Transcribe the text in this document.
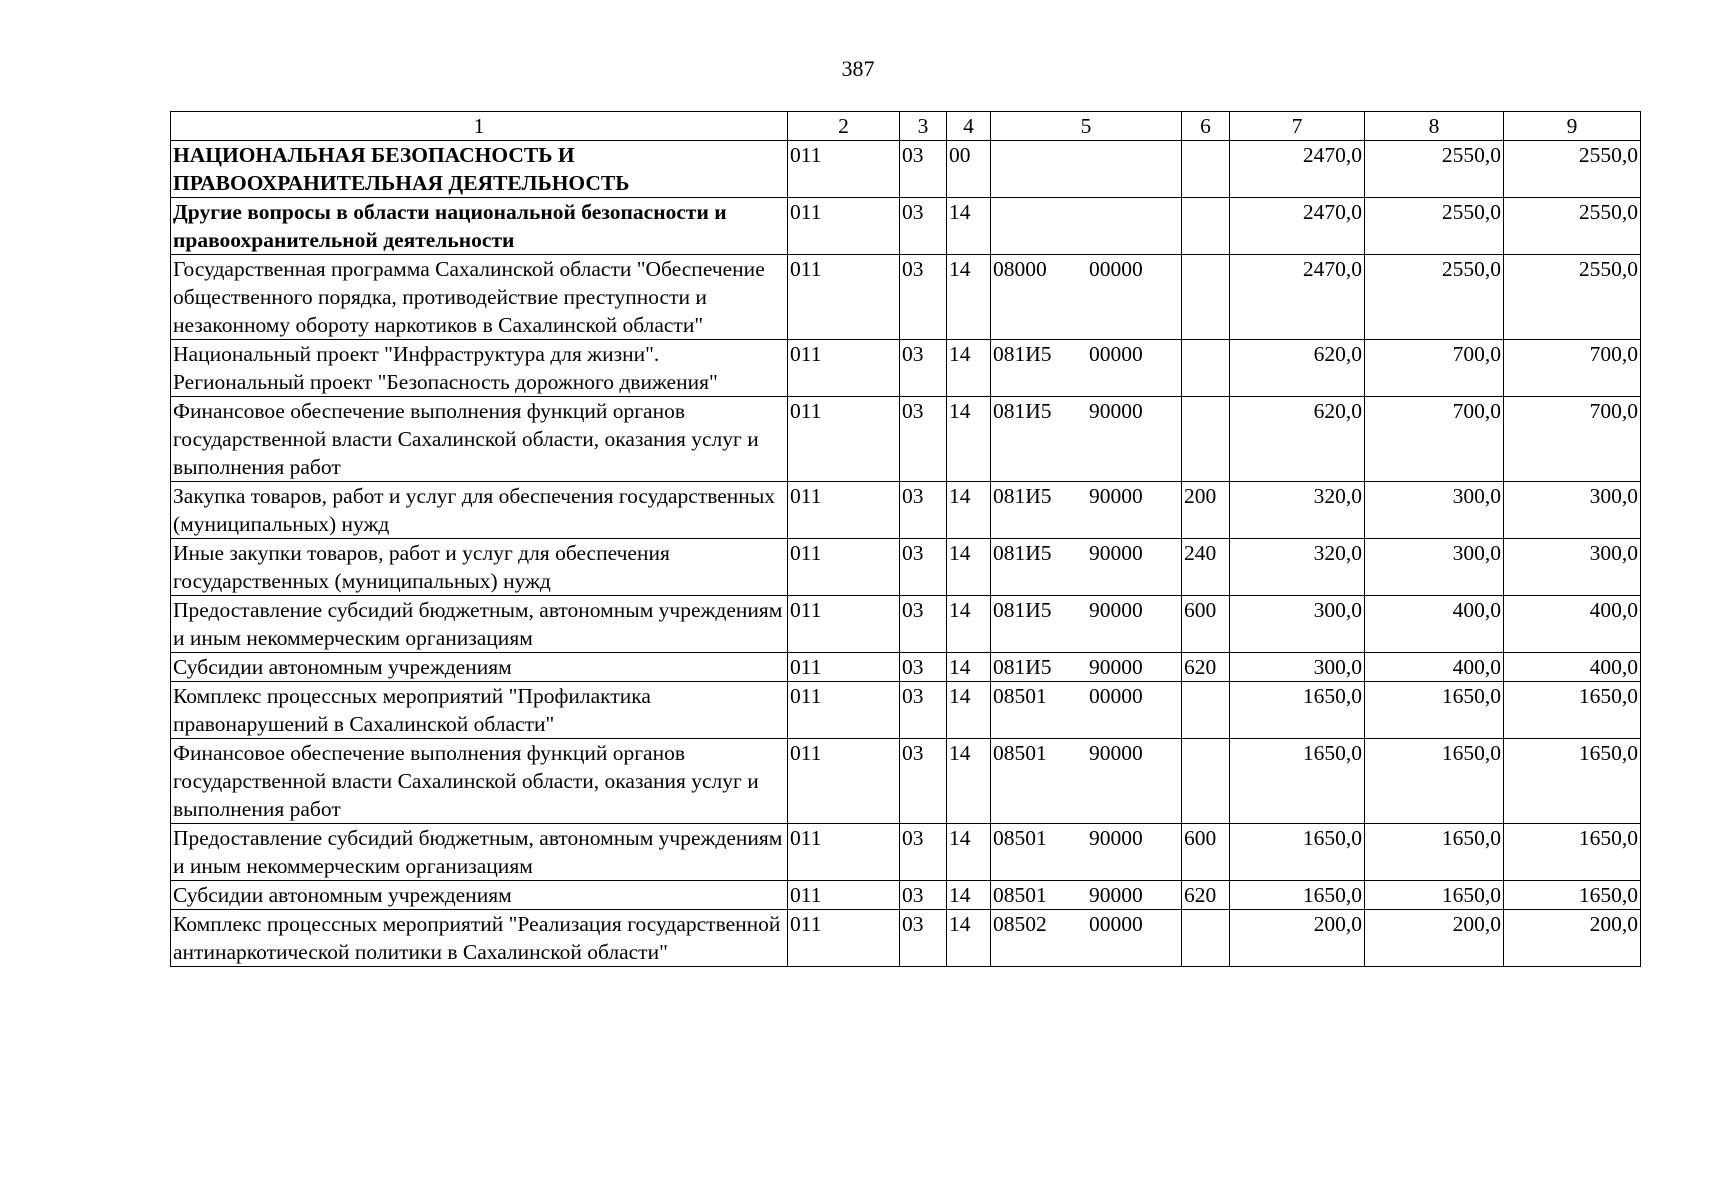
387
1	2	3	4	5	6	7	8	9
НАЦИОНАЛЬНАЯ БЕЗОПАСНОСТЬ И ПРАВООХРАНИТЕЛЬНАЯ ДЕЯТЕЛЬНОСТЬ	011	03	00			2470,0	2550,0	2550,0
Другие вопросы в области национальной безопасности и правоохранительной деятельности	011	03	14			2470,0	2550,0	2550,0
Государственная программа Сахалинской области "Обеспечение общественного порядка, противодействие преступности и незаконному обороту наркотиков в Сахалинской области"	011	03	14	08000 00000		2470,0	2550,0	2550,0
Национальный проект "Инфраструктура для жизни". Региональный проект "Безопасность дорожного движения"	011	03	14	081И5 00000		620,0	700,0	700,0
Финансовое обеспечение выполнения функций органов государственной власти Сахалинской области, оказания услуг и выполнения работ	011	03	14	081И5 90000		620,0	700,0	700,0
Закупка товаров, работ и услуг для обеспечения государственных (муниципальных) нужд	011	03	14	081И5 90000	200	320,0	300,0	300,0
Иные закупки товаров, работ и услуг для обеспечения государственных (муниципальных) нужд	011	03	14	081И5 90000	240	320,0	300,0	300,0
Предоставление субсидий бюджетным, автономным учреждениям и иным некоммерческим организациям	011	03	14	081И5 90000	600	300,0	400,0	400,0
Субсидии автономным учреждениям	011	03	14	081И5 90000	620	300,0	400,0	400,0
Комплекс процессных мероприятий "Профилактика правонарушений в Сахалинской области"	011	03	14	08501 00000		1650,0	1650,0	1650,0
Финансовое обеспечение выполнения функций органов государственной власти Сахалинской области, оказания услуг и выполнения работ	011	03	14	08501 90000		1650,0	1650,0	1650,0
Предоставление субсидий бюджетным, автономным учреждениям и иным некоммерческим организациям	011	03	14	08501 90000	600	1650,0	1650,0	1650,0
Субсидии автономным учреждениям	011	03	14	08501 90000	620	1650,0	1650,0	1650,0
Комплекс процессных мероприятий "Реализация государственной антинаркотической политики в Сахалинской области"	011	03	14	08502 00000		200,0	200,0	200,0
